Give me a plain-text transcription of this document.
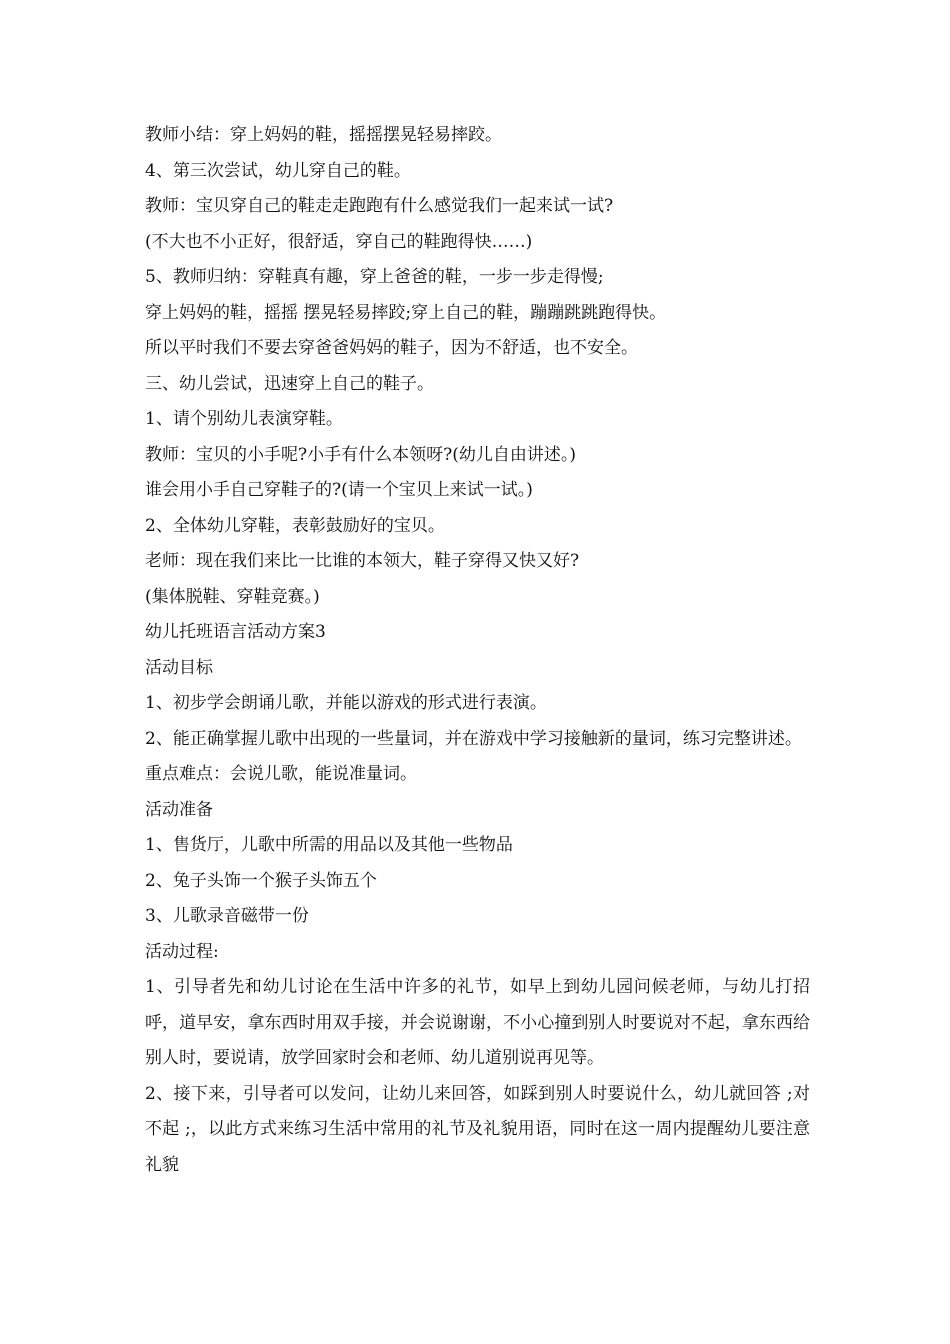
教师小结：穿上妈妈的鞋，摇摇摆晃轻易摔跤。

4、第三次尝试，幼儿穿自己的鞋。

教师：宝贝穿自己的鞋走走跑跑有什么感觉我们一起来试一试?

(不大也不小正好，很舒适，穿自己的鞋跑得快……)

5、教师归纳：穿鞋真有趣，穿上爸爸的鞋，一步一步走得慢;

穿上妈妈的鞋，摇摇 摆晃轻易摔跤;穿上自己的鞋，蹦蹦跳跳跑得快。

所以平时我们不要去穿爸爸妈妈的鞋子，因为不舒适，也不安全。

三、幼儿尝试，迅速穿上自己的鞋子。

1、请个别幼儿表演穿鞋。

教师：宝贝的小手呢?小手有什么本领呀?(幼儿自由讲述。)

谁会用小手自己穿鞋子的?(请一个宝贝上来试一试。)

2、全体幼儿穿鞋，表彰鼓励好的宝贝。

老师：现在我们来比一比谁的本领大，鞋子穿得又快又好?

(集体脱鞋、穿鞋竞赛。)

幼儿托班语言活动方案3

活动目标

1、初步学会朗诵儿歌，并能以游戏的形式进行表演。

2、能正确掌握儿歌中出现的一些量词，并在游戏中学习接触新的量词，练习完整讲述。

重点难点：会说儿歌，能说准量词。

活动准备

1、售货厅，儿歌中所需的用品以及其他一些物品

2、兔子头饰一个猴子头饰五个

3、儿歌录音磁带一份

活动过程:

1、引导者先和幼儿讨论在生活中许多的礼节，如早上到幼儿园问候老师，与幼儿打招呼，道早安，拿东西时用双手接，并会说谢谢，不小心撞到别人时要说对不起，拿东西给别人时，要说请，放学回家时会和老师、幼儿道别说再见等。

2、接下来，引导者可以发问，让幼儿来回答，如踩到别人时要说什么，幼儿就回答 ;对不起 ;，以此方式来练习生活中常用的礼节及礼貌用语，同时在这一周内提醒幼儿要注意礼貌
